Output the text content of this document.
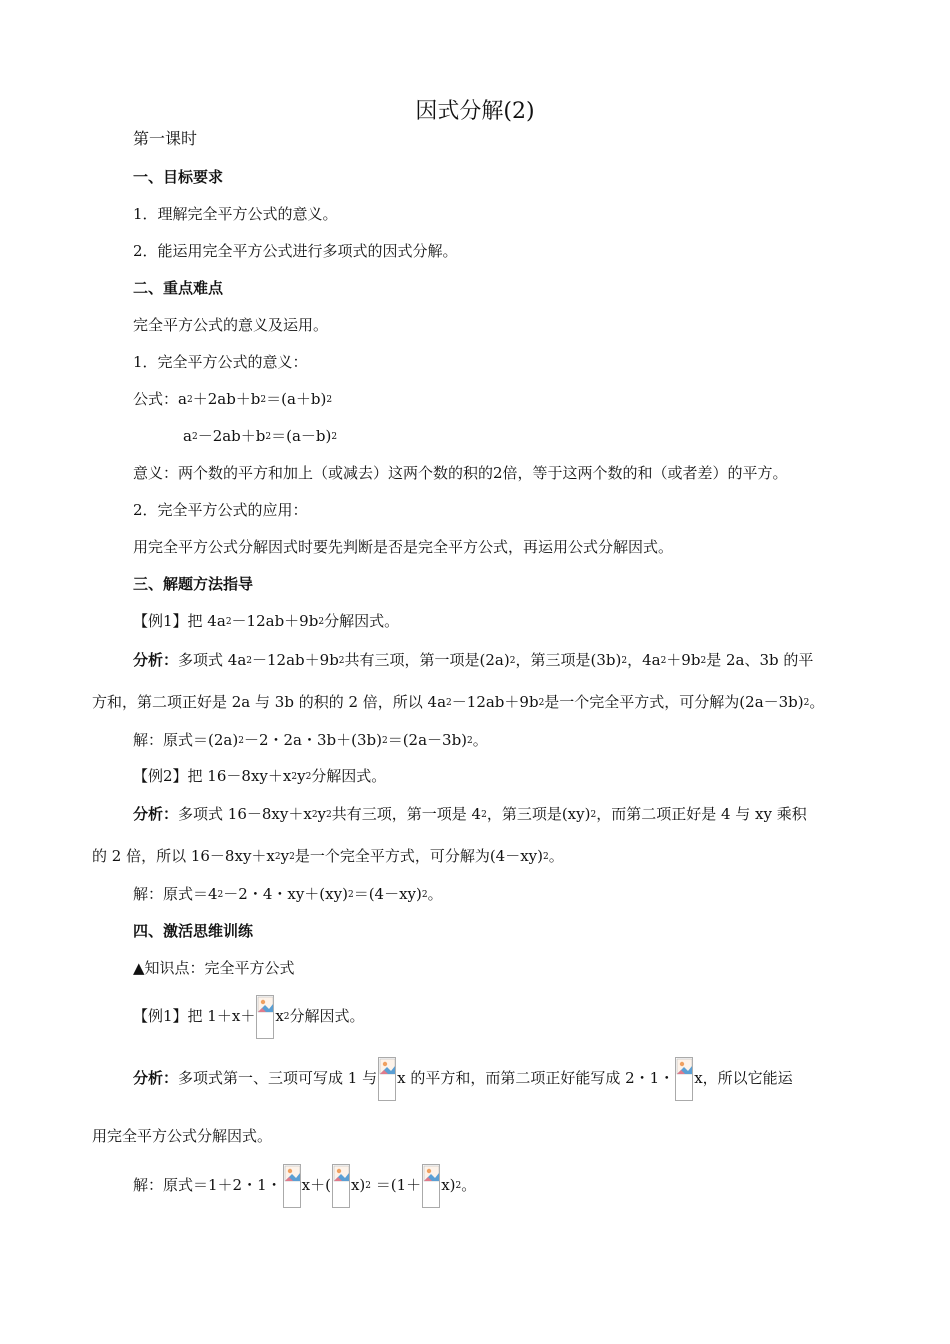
因式分解(2)
第一课时
一、目标要求
1．理解完全平方公式的意义。
2．能运用完全平方公式进行多项式的因式分解。
二、重点难点
完全平方公式的意义及运用。
1．完全平方公式的意义：
公式：$a^2+2ab+b^2=(a+b)^2$
$a^2-2ab+b^2=(a-b)^2$
意义：两个数的平方和加上（或减去）这两个数的积的2倍，等于这两个数的和（或者差）的平方。
2．完全平方公式的应用：
用完全平方公式分解因式时要先判断是否是完全平方公式，再运用公式分解因式。
三、解题方法指导
【例1】把 $4a^2-12ab+9b^2$分解因式。
分析：多项式 $4a^2-12ab+9b^2$共有三项，第一项是$(2a)^2$，第三项是$(3b)^2$，$4a^2+9b^2$是 2a、3b 的平
方和，第二项正好是 2a 与 3b 的积的 2 倍，所以 $4a^2-12ab+9b^2$是一个完全平方式，可分解为$(2a-3b)^2$。
解：原式$=(2a)^2-2$・2a・$3b+(3b)^2=(2a-3b)^2$。
【例2】把 $16-8xy+x^2y^2$分解因式。
分析：多项式 $16-8xy+x^2y^2$共有三项，第一项是 $4^2$，第三项是(xy)$^2$，而第二项正好是 4 与 xy 乘积
的 2 倍，所以 $16-8xy+x^2y^2$是一个完全平方式，可分解为$(4-xy)^2$。
解：原式$=4^2-2$・4・$xy+(xy)^2=(4-xy)^2$。
四、激活思维训练
▲知识点：完全平方公式
【例1】把 $1+x+ x^2$分解因式。
分析：多项式第一、三项可写成 1 与 x 的平方和，而第二项正好能写成 2・1・ x，所以它能运
用完全平方公式分解因式。
解：原式＝1＋2・1・ x＋( $x)^2 =(1+ x)^2$。
